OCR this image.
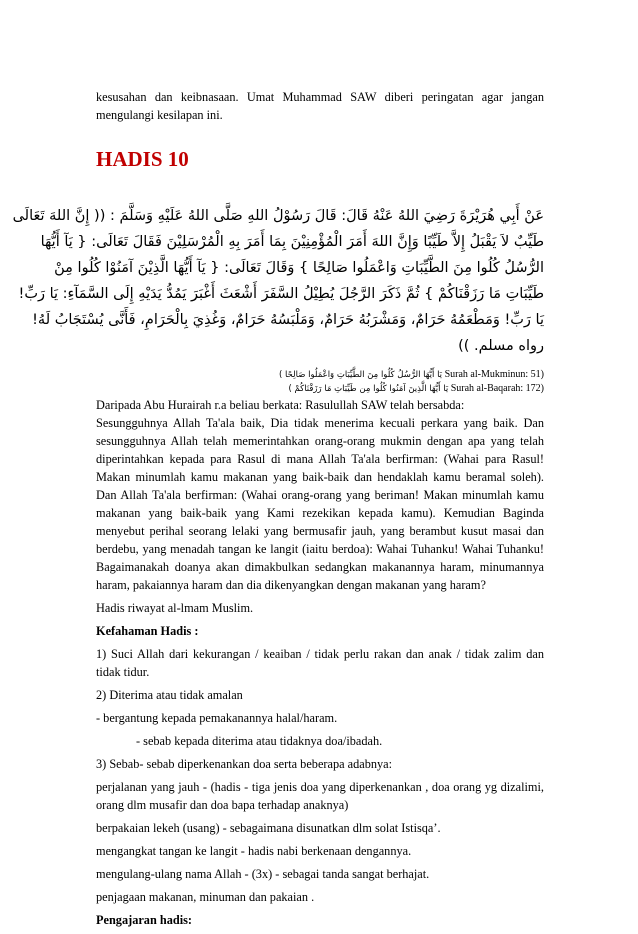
kesusahan dan keibnasaan. Umat Muhammad SAW diberi peringatan agar jangan mengulangi kesilapan ini.

HADIS 10
عَنْ أَبِي هُرَيْرَةَ رَضِيَ اللهُ عَنْهُ قَالَ: قَالَ رَسُوْلُ اللهِ صَلَّى اللهُ عَلَيْهِ وَسَلَّمَ : (( إِنَّ اللهَ تَعَالَى
طَيِّبٌ لاَ يَقْبَلُ إِلاَّ طَيِّبًا وَإِنَّ اللهَ أَمَرَ الْمُؤْمِنِيْنَ بِمَا أَمَرَ بِهِ الْمُرْسَلِيْنَ فَقَالَ تَعَالَى: { يَآ أَيُّهَا
الرُّسُلُ كُلُوا مِنَ الطَّيِّبَاتِ وَاعْمَلُوا صَالِحًا } وَقَالَ تَعَالَى: { يَآ أَيُّهَا الَّذِيْنَ آمَنُوْا كُلُوا مِنْ
طَيِّبَاتِ مَا رَزَقْنَاكُمْ } ثُمَّ ذَكَرَ الرَّجُلَ يُطِيْلُ السَّفَرَ أَشْعَثَ أَغْبَرَ يَمُدُّ يَدَيْهِ إِلَى السَّمَآءِ: يَا رَبِّ!
يَا رَبِّ! وَمَطْعَمُهُ حَرَامٌ، وَمَشْرَبُهُ حَرَامٌ، وَمَلْبَسُهُ حَرَامٌ، وَغُذِيَ بِالْحَرَامِ، فَأَنَّى يُسْتَجَابُ لَهُ!
رواه مسلم. ))
( يَا أَيُّهَا الرُّسُلُ كُلُوا مِنَ الطَّيِّبَاتِ وَاعْمَلُوا صَالِحًا Surah al-Mukminun: 51)
( يَا أَيُّهَا الَّذِينَ آمَنُوا كُلُوا مِن طَيِّبَاتِ مَا رَزَقْنَاكُمْ Surah al-Baqarah: 172)

Daripada Abu Hurairah r.a beliau berkata: Rasulullah SAW telah bersabda:

Sesungguhnya Allah Ta'ala baik, Dia tidak menerima kecuali perkara yang baik. Dan sesungguhnya Allah telah memerintahkan orang-orang mukmin dengan apa yang telah diperintahkan kepada para Rasul di mana Allah Ta'ala berfirman: (Wahai para Rasul! Makan minumlah kamu makanan yang baik-baik dan hendaklah kamu beramal soleh). Dan Allah Ta'ala berfirman: (Wahai orang-orang yang beriman! Makan minumlah kamu makanan yang baik-baik yang Kami rezekikan kepada kamu). Kemudian Baginda menyebut perihal seorang lelaki yang bermusafir jauh, yang berambut kusut masai dan berdebu, yang menadah tangan ke langit (iaitu berdoa): Wahai Tuhanku! Wahai Tuhanku! Bagaimanakah doanya akan dimakbulkan sedangkan makanannya haram, minumannya haram, pakaiannya haram dan dia dikenyangkan dengan makanan yang haram?

Hadis riwayat al-lmam Muslim.

Kefahaman Hadis :

1) Suci Allah dari kekurangan / keaiban / tidak perlu rakan dan anak / tidak zalim dan tidak tidur.

2) Diterima atau tidak amalan

- bergantung kepada pemakanannya halal/haram.

- sebab kepada diterima atau tidaknya doa/ibadah.

3) Sebab- sebab diperkenankan doa serta beberapa adabnya:

perjalanan yang jauh - (hadis - tiga jenis doa yang diperkenankan , doa orang yg dizalimi, orang dlm musafir dan doa bapa terhadap anaknya)

berpakaian lekeh (usang) - sebagaimana disunatkan dlm solat Istisqa’.

mengangkat tangan ke langit - hadis nabi berkenaan dengannya.

mengulang-ulang nama Allah - (3x) - sebagai tanda sangat berhajat.

penjagaan makanan, minuman dan pakaian .

Pengajaran hadis:
